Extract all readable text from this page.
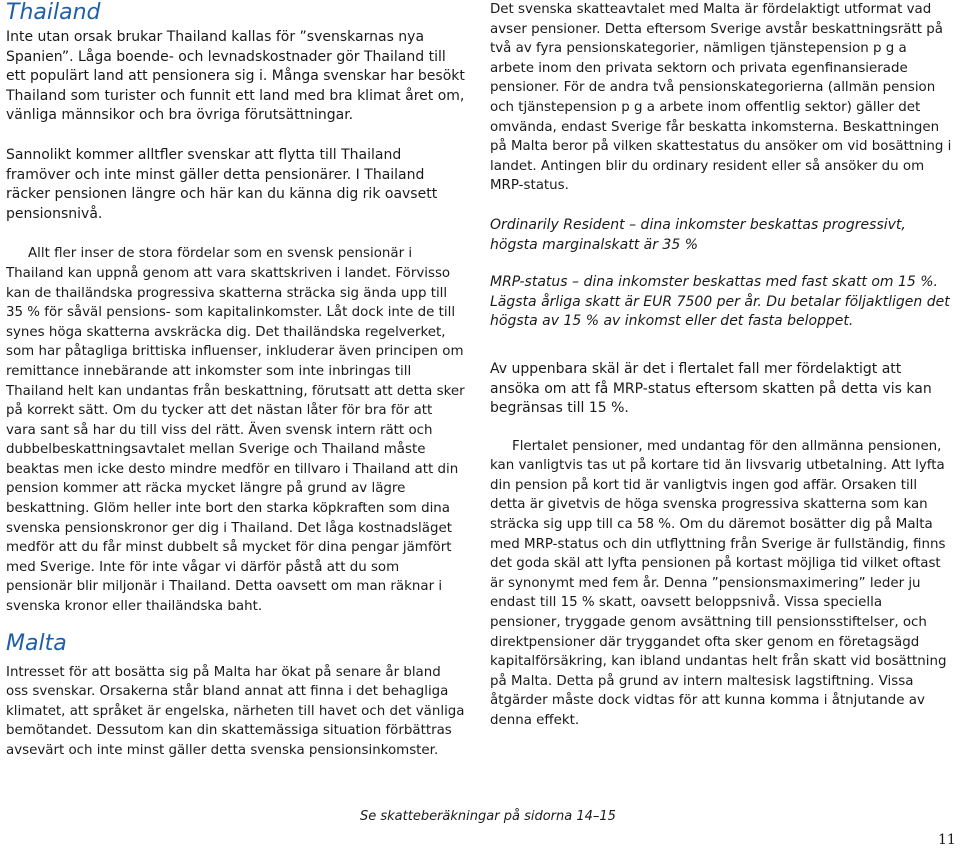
Thailand

Inte utan orsak brukar Thailand kallas för ”svenskarnas nya Spanien”. Låga boende- och levnadskostnader gör Thailand till ett populärt land att pensionera sig i. Många svenskar har besökt Thailand som turister och funnit ett land med bra klimat året om, vänliga männsikor och bra övriga förutsättningar.

Sannolikt kommer alltfler svenskar att flytta till Thailand framöver och inte minst gäller detta pensionärer. I Thailand räcker pensionen längre och här kan du känna dig rik oavsett pensionsnivå.

Allt fler inser de stora fördelar som en svensk pensionär i Thailand kan uppnå genom att vara skattskriven i landet. Förvisso kan de thailändska progressiva skatterna sträcka sig ända upp till 35 % för såväl pensions- som kapitalinkomster. Låt dock inte de till synes höga skatterna avskräcka dig. Det thailändska regelverket, som har påtagliga brittiska influenser, inkluderar även principen om remittance innebärande att inkomster som inte inbringas till Thailand helt kan undantas från beskattning, förutsatt att detta sker på korrekt sätt. Om du tycker att det nästan låter för bra för att vara sant så har du till viss del rätt. Även svensk intern rätt och dubbelbeskattningsavtalet mellan Sverige och Thailand måste beaktas men icke desto mindre medför en tillvaro i Thailand att din pension kommer att räcka mycket längre på grund av lägre beskattning. Glöm heller inte bort den starka köpkraften som dina svenska pensionskronor ger dig i Thailand. Det låga kostnadsläget medför att du får minst dubbelt så mycket för dina pengar jämfört med Sverige. Inte för inte vågar vi därför påstå att du som pensionär blir miljonär i Thailand. Detta oavsett om man räknar i svenska kronor eller thailändska baht.

Malta

Intresset för att bosätta sig på Malta har ökat på senare år bland oss svenskar. Orsakerna står bland annat att finna i det behagliga klimatet, att språket är engelska, närheten till havet och det vänliga bemötandet. Dessutom kan din skattemässiga situation förbättras avsevärt och inte minst gäller detta svenska pensionsinkomster.

Det svenska skatteavtalet med Malta är fördelaktigt utformat vad avser pensioner. Detta eftersom Sverige avstår beskattningsrätt på två av fyra pensionskategorier, nämligen tjänstepension p g a arbete inom den privata sektorn och privata egenfinansierade pensioner. För de andra två pensionskategorierna (allmän pension och tjänstepension p g a arbete inom offentlig sektor) gäller det omvända, endast Sverige får beskatta inkomsterna. Beskattningen på Malta beror på vilken skattestatus du ansöker om vid bosättning i landet. Antingen blir du ordinary resident eller så ansöker du om MRP-status.

Ordinarily Resident – dina inkomster beskattas progressivt, högsta marginalskatt är 35 %

MRP-status – dina inkomster beskattas med fast skatt om 15 %. Lägsta årliga skatt är EUR 7500 per år. Du betalar följaktligen det högsta av 15 % av inkomst eller det fasta beloppet.

Av uppenbara skäl är det i flertalet fall mer fördelaktigt att ansöka om att få MRP-status eftersom skatten på detta vis kan begränsas till 15 %.

Flertalet pensioner, med undantag för den allmänna pensionen, kan vanligtvis tas ut på kortare tid än livsvarig utbetalning. Att lyfta din pension på kort tid är vanligtvis ingen god affär. Orsaken till detta är givetvis de höga svenska progressiva skatterna som kan sträcka sig upp till ca 58 %. Om du däremot bosätter dig på Malta med MRP-status och din utflyttning från Sverige är fullständig, finns det goda skäl att lyfta pensionen på kortast möjliga tid vilket oftast är synonymt med fem år. Denna ”pensionsmaximering” leder ju endast till 15 % skatt, oavsett beloppsnivå. Vissa speciella pensioner, tryggade genom avsättning till pensionsstiftelser, och direktpensioner där tryggandet ofta sker genom en företagsägd kapitalförsäkring, kan ibland undantas helt från skatt vid bosättning på Malta. Detta på grund av intern maltesisk lagstiftning. Vissa åtgärder måste dock vidtas för att kunna komma i åtnjutande av denna effekt.

Se skatteberäkningar på sidorna 14–15
11
